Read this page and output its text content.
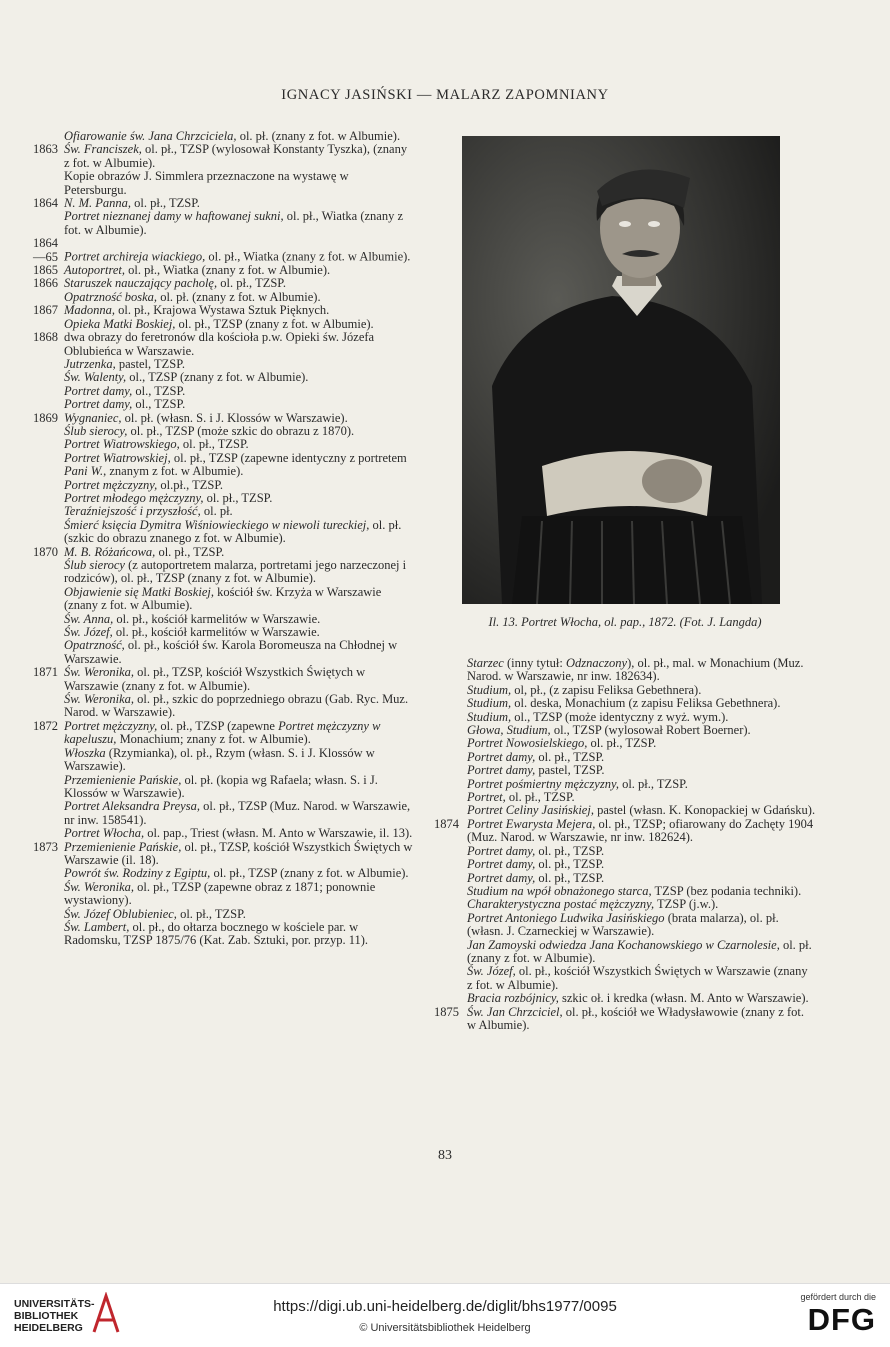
IGNACY JASIŃSKI — MALARZ ZAPOMNIANY
Ofiarowanie św. Jana Chrzciciela, ol. pł. (znany z fot. w Albumie).
1863 Św. Franciszek, ol. pł., TZSP (wylosował Konstanty Tyszka), (znany z fot. w Albumie).
Kopie obrazów J. Simmlera przeznaczone na wystawę w Petersburgu.
1864 N. M. Panna, ol. pł., TZSP.
Portret nieznanej damy w haftowanej sukni, ol. pł., Wiatka (znany z fot. w Albumie).
1864—65 Portret archireja wiackiego, ol. pł., Wiatka (znany z fot. w Albumie).
1865 Autoportret, ol. pł., Wiatka (znany z fot. w Albumie).
1866 Staruszek nauczający pacholę, ol. pł., TZSP.
Opatrzność boska, ol. pł. (znany z fot. w Albumie).
1867 Madonna, ol. pł., Krajowa Wystawa Sztuk Pięknych.
Opieka Matki Boskiej, ol. pł., TZSP (znany z fot. w Albumie).
1868 dwa obrazy do feretronów dla kościoła p.w. Opieki św. Józefa Oblubieńca w Warszawie.
Jutrzenka, pastel, TZSP.
Św. Walenty, ol., TZSP (znany z fot. w Albumie).
Portret damy, ol., TZSP.
Portret damy, ol., TZSP.
1869 Wygnaniec, ol. pł. (własn. S. i J. Klossów w Warszawie).
Ślub sierocy, ol. pł., TZSP (może szkic do obrazu z 1870).
Portret Wiatrowskiego, ol. pł., TZSP.
Portret Wiatrowskiej, ol. pł., TZSP (zapewne identyczny z portretem Pani W., znanym z fot. w Albumie).
Portret mężczyzny, ol.pł., TZSP.
Portret młodego mężczyzny, ol. pł., TZSP.
Teraźniejszość i przyszłość, ol. pł.
Śmierć księcia Dymitra Wiśniowieckiego w niewoli tureckiej, ol. pł. (szkic do obrazu znanego z fot. w Albumie).
1870 M. B. Różańcowa, ol. pł., TZSP.
Ślub sierocy (z autoportretem malarza, portretami jego narzeczonej i rodziców), ol. pł., TZSP (znany z fot. w Albumie).
Objawienie się Matki Boskiej, kościół św. Krzyża w Warszawie (znany z fot. w Albumie).
Św. Anna, ol. pł., kościół karmelitów w Warszawie.
Św. Józef, ol. pł., kościół karmelitów w Warszawie.
Opatrzność, ol. pł., kościół św. Karola Boromeusza na Chłodnej w Warszawie.
1871 Św. Weronika, ol. pł., TZSP, kościół Wszystkich Świętych w Warszawie (znany z fot. w Albumie).
Św. Weronika, ol. pł., szkic do poprzedniego obrazu (Gab. Ryc. Muz. Narod. w Warszawie).
1872 Portret mężczyzny, ol. pł., TZSP (zapewne Portret mężczyzny w kapeluszu, Monachium; znany z fot. w Albumie).
Włoszka (Rzymianka), ol. pł., Rzym (własn. S. i J. Klossów w Warszawie).
Przemienienie Pańskie, ol. pł. (kopia wg Rafaela; własn. S. i J. Klossów w Warszawie).
Portret Aleksandra Preysa, ol. pł., TZSP (Muz. Narod. w Warszawie, nr inw. 158541).
Portret Włocha, ol. pap., Triest (własn. M. Anto w Warszawie, il. 13).
1873 Przemienienie Pańskie, ol. pł., TZSP, kościół Wszystkich Świętych w Warszawie (il. 18).
Powrót św. Rodziny z Egiptu, ol. pł., TZSP (znany z fot. w Albumie).
Św. Weronika, ol. pł., TZSP (zapewne obraz z 1871; ponownie wystawiony).
Św. Józef Oblubieniec, ol. pł., TZSP.
Św. Lambert, ol. pł., do ołtarza bocznego w kościele par. w Radomsku, TZSP 1875/76 (Kat. Zab. Sztuki, por. przyp. 11).
Il. 13. Portret Włocha, ol. pap., 1872. (Fot. J. Langda)
Starzec (inny tytuł: Odznaczony), ol. pł., mal. w Monachium (Muz. Narod. w Warszawie, nr inw. 182634).
Studium, ol, pł., (z zapisu Feliksa Gebethnera).
Studium, ol. deska, Monachium (z zapisu Feliksa Gebethnera).
Studium, ol., TZSP (może identyczny z wyż. wym.).
Głowa, Studium, ol., TZSP (wylosował Robert Boerner).
Portret Nowosielskiego, ol. pł., TZSP.
Portret damy, ol. pł., TZSP.
Portret damy, pastel, TZSP.
Portret pośmiertny mężczyzny, ol. pł., TZSP.
Portret, ol. pł., TZSP.
Portret Celiny Jasińskiej, pastel (własn. K. Konopackiej w Gdańsku).
1874 Portret Ewarysta Mejera, ol. pł., TZSP; ofiarowany do Zachęty 1904 (Muz. Narod. w Warszawie, nr inw. 182624).
Portret damy, ol. pł., TZSP.
Portret damy, ol. pł., TZSP.
Portret damy, ol. pł., TZSP.
Studium na wpół obnażonego starca, TZSP (bez podania techniki).
Charakterystyczna postać mężczyzny, TZSP (j.w.).
Portret Antoniego Ludwika Jasińskiego (brata malarza), ol. pł. (własn. J. Czarneckiej w Warszawie).
Jan Zamoyski odwiedza Jana Kochanowskiego w Czarnolesie, ol. pł. (znany z fot. w Albumie).
Św. Józef, ol. pł., kościół Wszystkich Świętych w Warszawie (znany z fot. w Albumie).
Bracia rozbójnicy, szkic oł. i kredka (własn. M. Anto w Warszawie).
1875 Św. Jan Chrzciciel, ol. pł., kościół we Władysławowie (znany z fot. w Albumie).
83
UNIVERSITÄTS-
BIBLIOTHEK
HEIDELBERG
https://digi.ub.uni-heidelberg.de/diglit/bhs1977/0095
© Universitätsbibliothek Heidelberg
gefördert durch die
DFG
